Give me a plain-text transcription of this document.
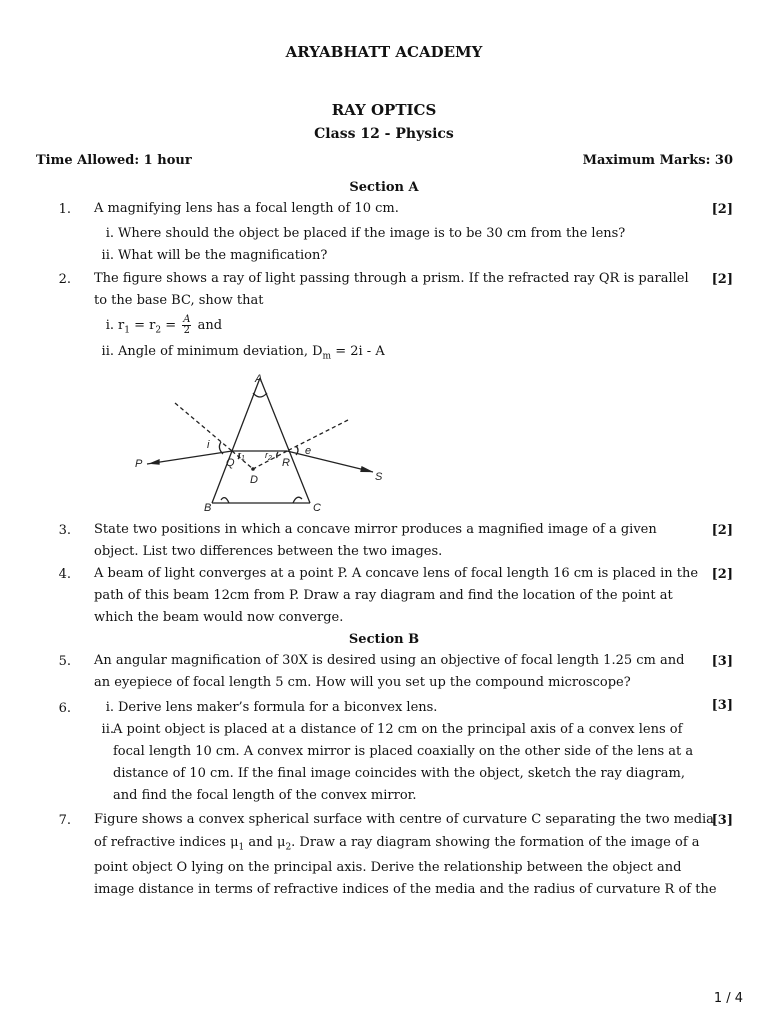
ARYABHATT ACADEMY
RAY OPTICS
Class 12 - Physics
Time Allowed: 1 hour	Maximum Marks: 30
Section A
1. A magnifying lens has a focal length of 10 cm.	[2]
i. Where should the object be placed if the image is to be 30 cm from the lens?
ii. What will be the magnification?
2. The figure shows a ray of light passing through a prism. If the refracted ray QR is parallel to the base BC, show that
[2]
i. $r_1 = r_2 = \frac{A}{2}$ and
ii. Angle of minimum deviation, $D_m = 2i - A$
A
B	C
D
P	Q	R
S
i	e
$r_1$ $r_2$
3. State two positions in which a concave mirror produces a magnified image of a given object. List two differences between the two images.
[2]
4. A beam of light converges at a point P. A concave lens of focal length 16 cm is placed in the path of this beam 12cm from P. Draw a ray diagram and find the location of the point at which the beam would now converge.
[2]
Section B
5. An angular magnification of 30X is desired using an objective of focal length 1.25 cm and an eyepiece of focal length 5 cm. How will you set up the compound microscope?
[3]
6.	[3]
i. Derive lens maker’s formula for a biconvex lens.
ii. A point object is placed at a distance of 12 cm on the principal axis of a convex lens of focal length 10 cm. A convex mirror is placed coaxially on the other side of the lens at a distance of 10 cm. If the final image coincides with the object, sketch the ray diagram, and find the focal length of the convex mirror.
7.	[3]
Figure shows a convex spherical surface with centre of curvature C separating the two media
of refractive indices $\mu_1$ and $\mu_2$. Draw a ray diagram showing the formation of the image of a
point object O lying on the principal axis. Derive the relationship between the object and
image distance in terms of refractive indices of the media and the radius of curvature R of the
1 / 4
